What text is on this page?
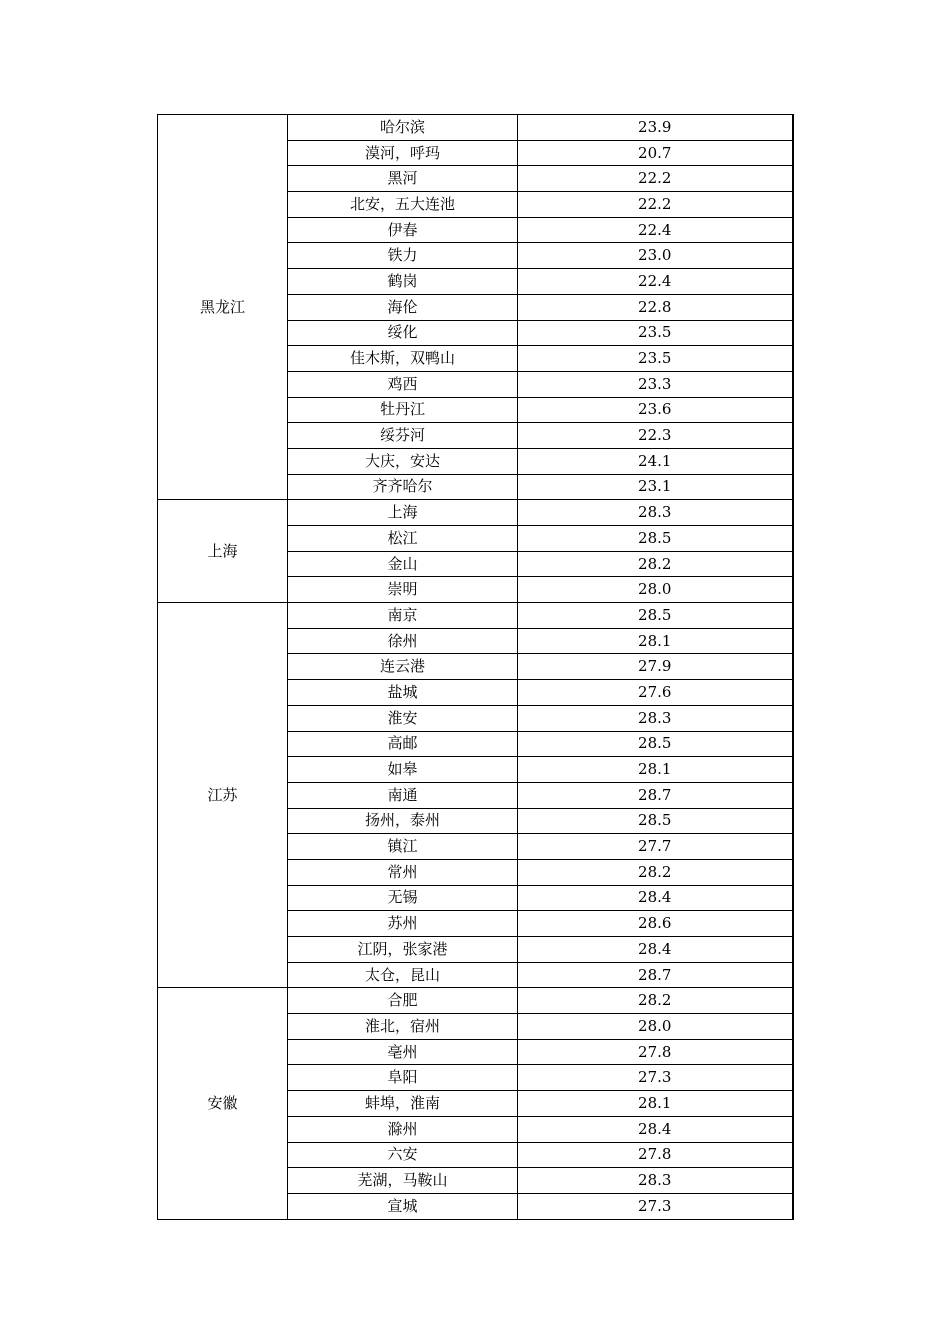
黑龙江	哈尔滨	23.9
	漠河，呼玛	20.7
	黑河	22.2
	北安，五大连池	22.2
	伊春	22.4
	铁力	23.0
	鹤岗	22.4
	海伦	22.8
	绥化	23.5
	佳木斯，双鸭山	23.5
	鸡西	23.3
	牡丹江	23.6
	绥芬河	22.3
	大庆，安达	24.1
	齐齐哈尔	23.1
上海	上海	28.3
	松江	28.5
	金山	28.2
	崇明	28.0
江苏	南京	28.5
	徐州	28.1
	连云港	27.9
	盐城	27.6
	淮安	28.3
	高邮	28.5
	如皋	28.1
	南通	28.7
	扬州，泰州	28.5
	镇江	27.7
	常州	28.2
	无锡	28.4
	苏州	28.6
	江阴，张家港	28.4
	太仓，昆山	28.7
安徽	合肥	28.2
	淮北，宿州	28.0
	亳州	27.8
	阜阳	27.3
	蚌埠，淮南	28.1
	滁州	28.4
	六安	27.8
	芜湖，马鞍山	28.3
	宣城	27.3
